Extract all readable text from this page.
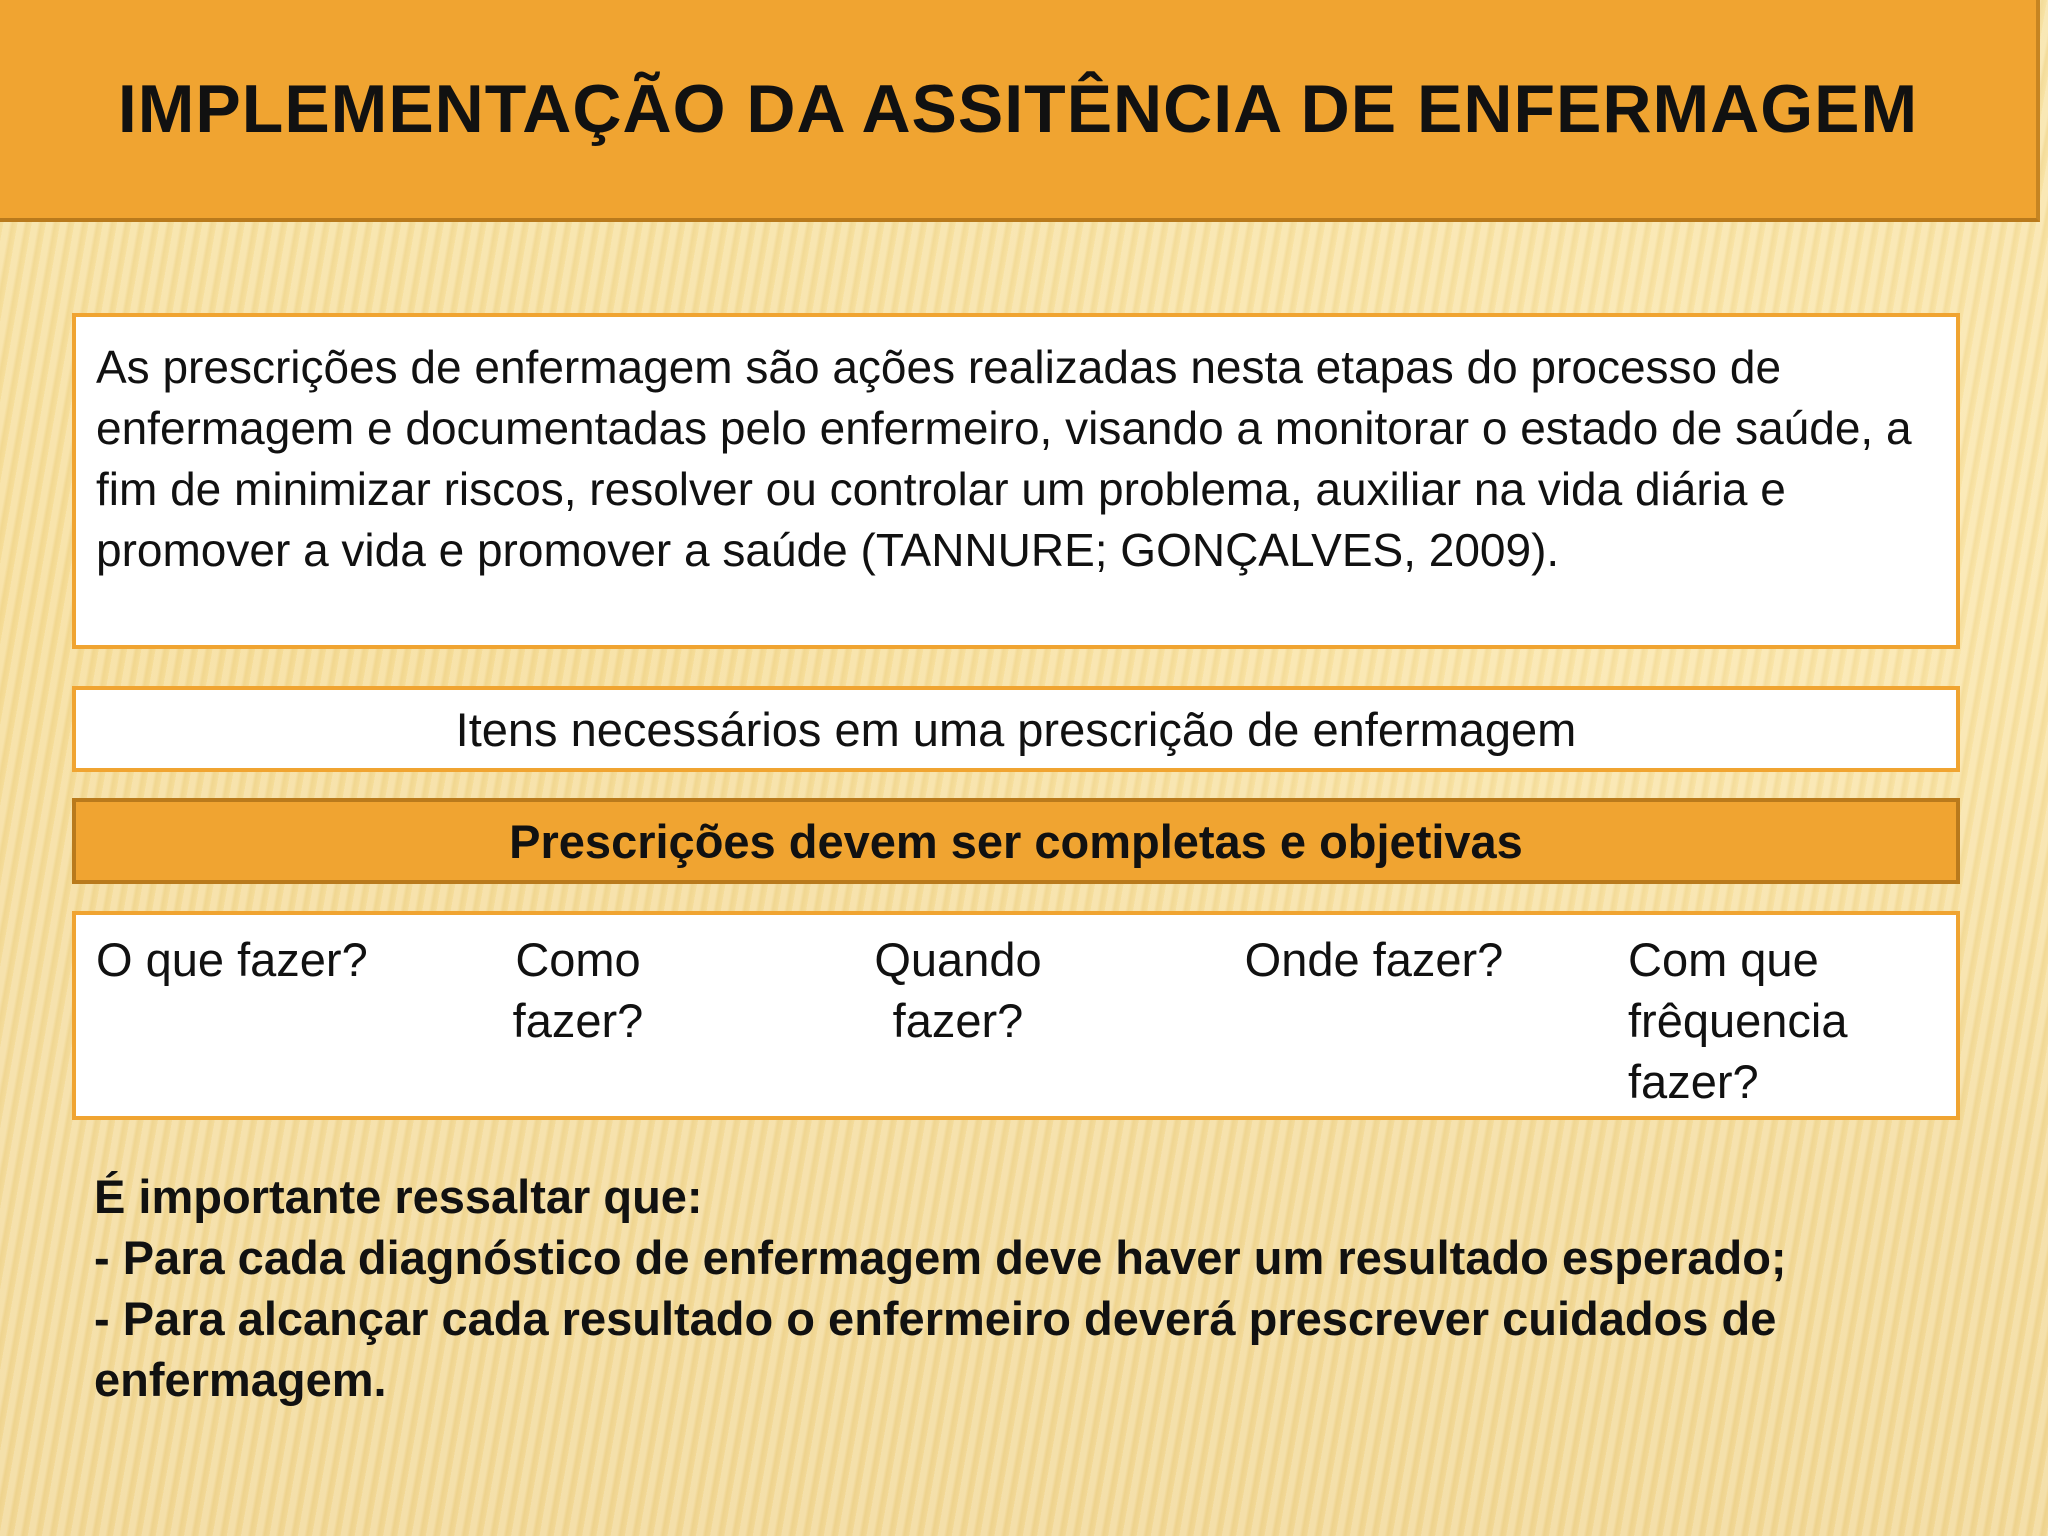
IMPLEMENTAÇÃO DA ASSITÊNCIA DE ENFERMAGEM
As prescrições de enfermagem são ações realizadas nesta etapas do processo de enfermagem e documentadas pelo enfermeiro, visando a monitorar o estado de saúde, a fim de minimizar riscos, resolver ou controlar um problema, auxiliar na vida diária e promover a vida e promover a saúde (TANNURE; GONÇALVES, 2009).
Itens necessários em uma prescrição de enfermagem
Prescrições devem ser completas e objetivas

O que fazer?	Como fazer?

Quando fazer?

Onde fazer?	Com que frêquencia fazer?

É importante ressaltar que:

- Para cada diagnóstico de enfermagem deve haver um resultado esperado;

- Para alcançar cada resultado o enfermeiro deverá prescrever cuidados de enfermagem.
